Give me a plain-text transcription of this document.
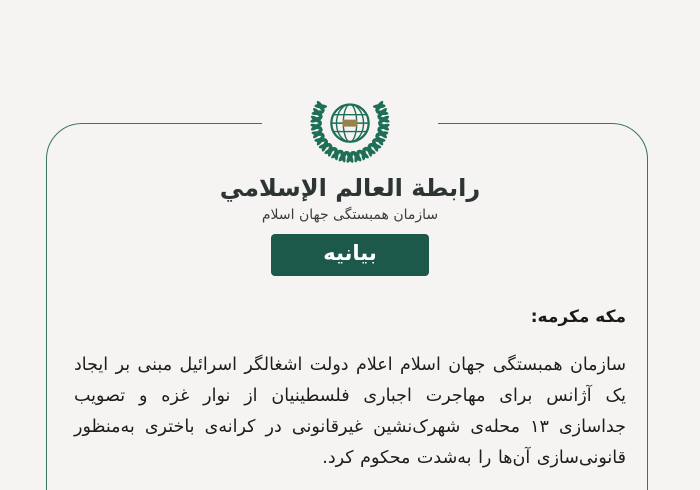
رابطة العالم الإسلامي
سازمان همبستگی جهان اسلام
بیانیه
مکه مکرمه:
سازمان همبستگی جهان اسلام اعلام دولت اشغالگر اسرائیل مبنی بر ایجاد
یک آژانس برای مهاجرت اجباری فلسطینیان از نوار غزه و تصویب
جداسازی ۱۳ محله‌ی شهرک‌نشین غیرقانونی در کرانه‌ی باختری به‌منظور
قانونی‌سازی آن‌ها را به‌شدت محکوم کرد.
